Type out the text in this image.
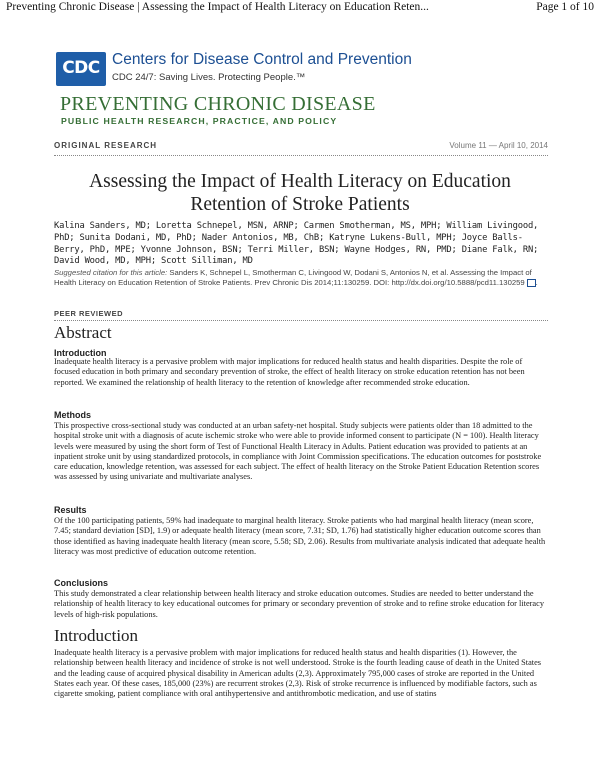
Preventing Chronic Disease | Assessing the Impact of Health Literacy on Education Reten...	Page 1 of 10
CDC Centers for Disease Control and Prevention
CDC 24/7: Saving Lives. Protecting People.™
PREVENTING CHRONIC DISEASE
PUBLIC HEALTH RESEARCH, PRACTICE, AND POLICY
ORIGINAL RESEARCH	Volume 11 — April 10, 2014
Assessing the Impact of Health Literacy on Education Retention of Stroke Patients
Kalina Sanders, MD; Loretta Schnepel, MSN, ARNP; Carmen Smotherman, MS, MPH; William Livingood, PhD; Sunita Dodani, MD, PhD; Nader Antonios, MB, ChB; Katryne Lukens-Bull, MPH; Joyce Balls-Berry, PhD, MPE; Yvonne Johnson, BSN; Terri Miller, BSN; Wayne Hodges, RN, PMD; Diane Falk, RN; David Wood, MD, MPH; Scott Silliman, MD
Suggested citation for this article: Sanders K, Schnepel L, Smotherman C, Livingood W, Dodani S, Antonios N, et al. Assessing the Impact of Health Literacy on Education Retention of Stroke Patients. Prev Chronic Dis 2014;11:130259. DOI: http://dx.doi.org/10.5888/pcd11.130259 .
PEER REVIEWED
Abstract
Introduction
Inadequate health literacy is a pervasive problem with major implications for reduced health status and health disparities. Despite the role of focused education in both primary and secondary prevention of stroke, the effect of health literacy on stroke education retention has not been reported. We examined the relationship of health literacy to the retention of knowledge after recommended stroke education.
Methods
This prospective cross-sectional study was conducted at an urban safety-net hospital. Study subjects were patients older than 18 admitted to the hospital stroke unit with a diagnosis of acute ischemic stroke who were able to provide informed consent to participate (N = 100). Health literacy levels were measured by using the short form of Test of Functional Health Literacy in Adults. Patient education was provided to patients at an inpatient stroke unit by using standardized protocols, in compliance with Joint Commission specifications. The education outcomes for poststroke care education, knowledge retention, was assessed for each subject. The effect of health literacy on the Stroke Patient Education Retention scores was assessed by using univariate and multivariate analyses.
Results
Of the 100 participating patients, 59% had inadequate to marginal health literacy. Stroke patients who had marginal health literacy (mean score, 7.45; standard deviation [SD], 1.9) or adequate health literacy (mean score, 7.31; SD, 1.76) had statistically higher education outcome scores than those identified as having inadequate health literacy (mean score, 5.58; SD, 2.06). Results from multivariate analysis indicated that adequate health literacy was most predictive of education outcome retention.
Conclusions
This study demonstrated a clear relationship between health literacy and stroke education outcomes. Studies are needed to better understand the relationship of health literacy to key educational outcomes for primary or secondary prevention of stroke and to refine stroke education for literacy levels of high-risk populations.
Introduction
Inadequate health literacy is a pervasive problem with major implications for reduced health status and health disparities (1). However, the relationship between health literacy and incidence of stroke is not well understood. Stroke is the fourth leading cause of death in the United States and the leading cause of acquired physical disability in American adults (2,3). Approximately 795,000 cases of stroke are reported in the United States each year. Of these cases, 185,000 (23%) are recurrent strokes (2,3). Risk of stroke recurrence is influenced by modifiable factors, such as cigarette smoking, patient compliance with oral antihypertensive and antithrombotic medication, and use of statins
